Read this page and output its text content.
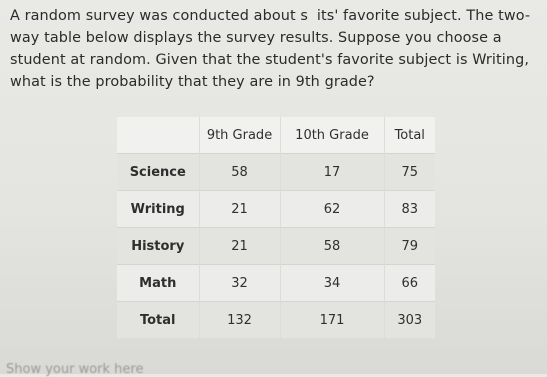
A random survey was conducted about s   its' favorite subject. The two-way table below displays the survey results. Suppose you choose a student at random. Given that the student's favorite subject is Writing, what is the probability that they are in 9th grade?

	9th Grade	10th Grade	Total
Science	58	17	75
Writing	21	62	83
History	21	58	79
Math	32	34	66
Total	132	171	303
Show your work here
